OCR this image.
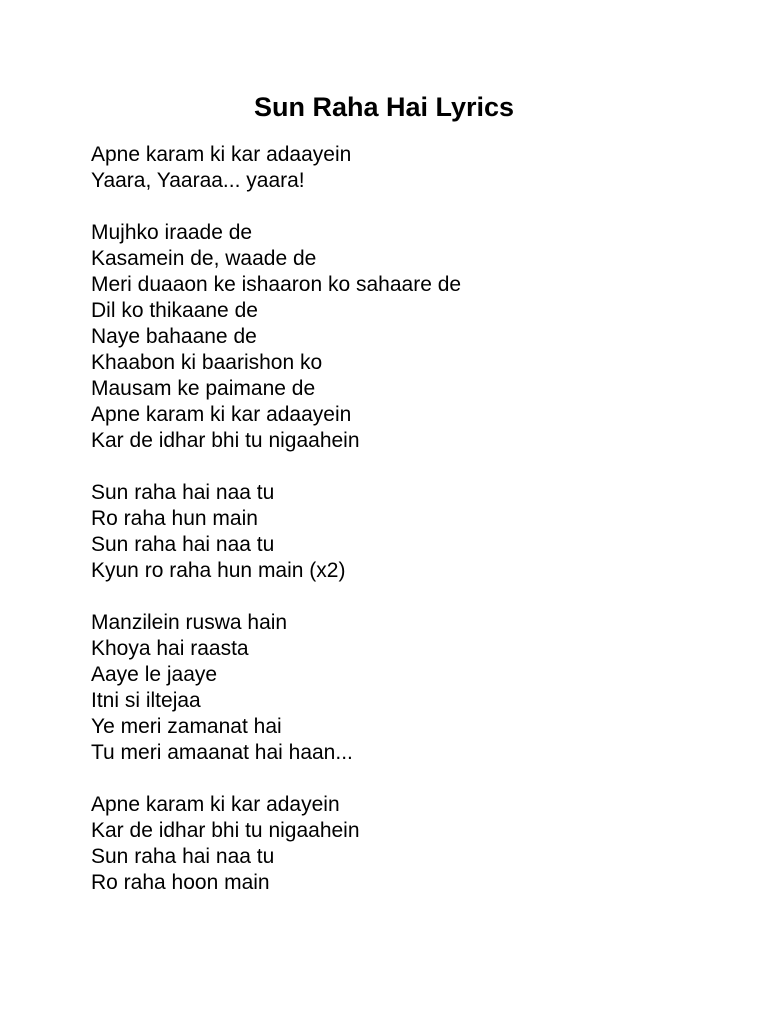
Sun Raha Hai Lyrics
Apne karam ki kar adaayein
Yaara, Yaaraa... yaara!
Mujhko iraade de
Kasamein de, waade de
Meri duaaon ke ishaaron ko sahaare de
Dil ko thikaane de
Naye bahaane de
Khaabon ki baarishon ko
Mausam ke paimane de
Apne karam ki kar adaayein
Kar de idhar bhi tu nigaahein
Sun raha hai naa tu
Ro raha hun main
Sun raha hai naa tu
Kyun ro raha hun main (x2)
Manzilein ruswa hain
Khoya hai raasta
Aaye le jaaye
Itni si iltejaa
Ye meri zamanat hai
Tu meri amaanat hai haan...
Apne karam ki kar adayein
Kar de idhar bhi tu nigaahein
Sun raha hai naa tu
Ro raha hoon main
